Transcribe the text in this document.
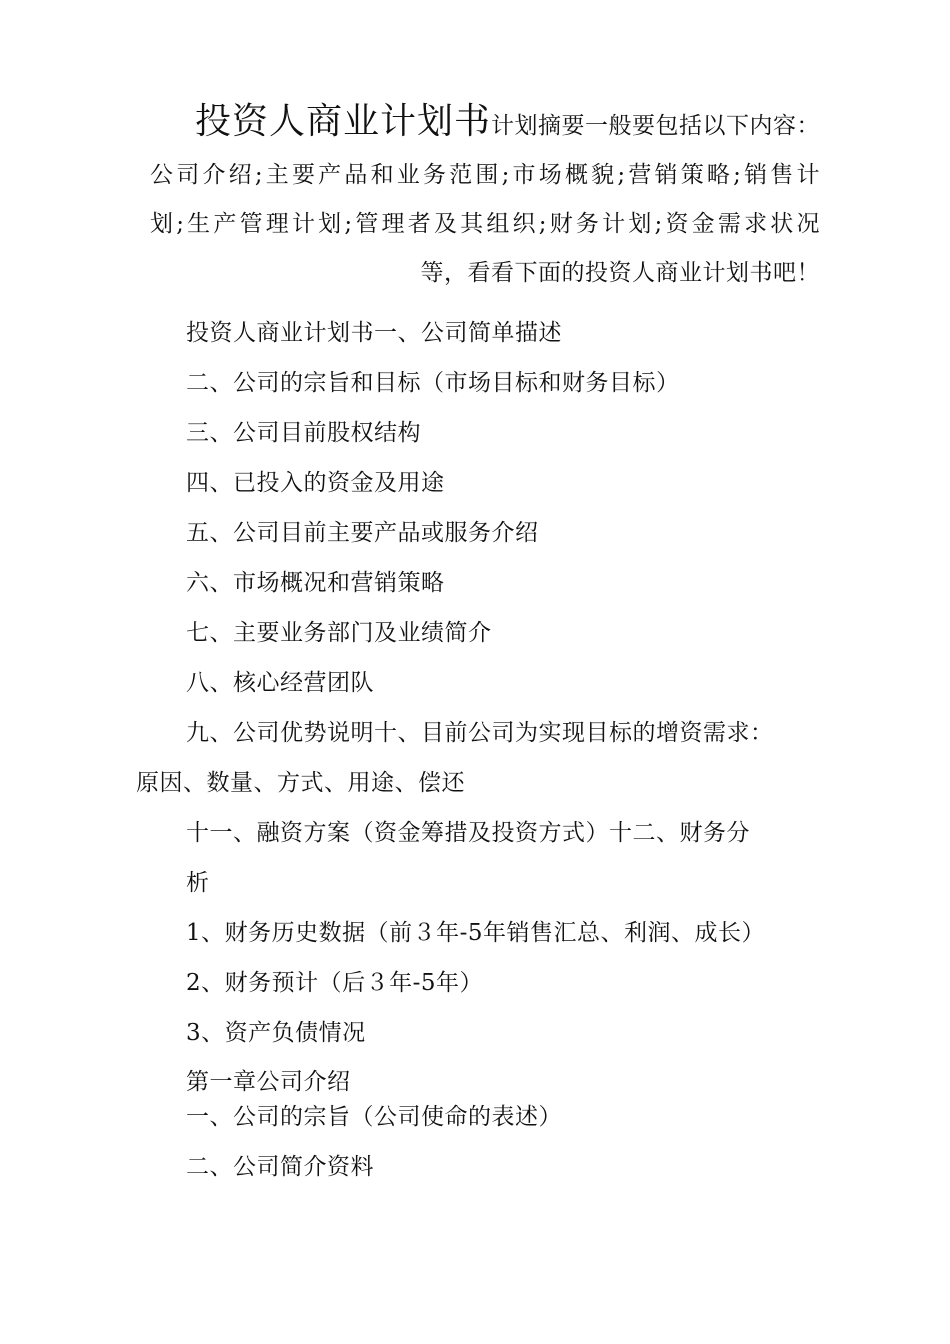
投资人商业计划书计划摘要一般要包括以下内容：
公司介绍;主要产品和业务范围;市场概貌;营销策略;销售计
划;生产管理计划;管理者及其组织;财务计划;资金需求状况
等，看看下面的投资人商业计划书吧！
投资人商业计划书一、公司简单描述
二、公司的宗旨和目标（市场目标和财务目标）
三、公司目前股权结构
四、已投入的资金及用途
五、公司目前主要产品或服务介绍
六、市场概况和营销策略
七、主要业务部门及业绩简介
八、核心经营团队
九、公司优势说明十、目前公司为实现目标的增资需求：
原因、数量、方式、用途、偿还
十一、融资方案（资金筹措及投资方式）十二、财务分
析
1、财务历史数据（前３年-5年销售汇总、利润、成长）
2、财务预计（后３年-5年）
3、资产负债情况
第一章公司介绍
一、公司的宗旨（公司使命的表述）
二、公司简介资料
